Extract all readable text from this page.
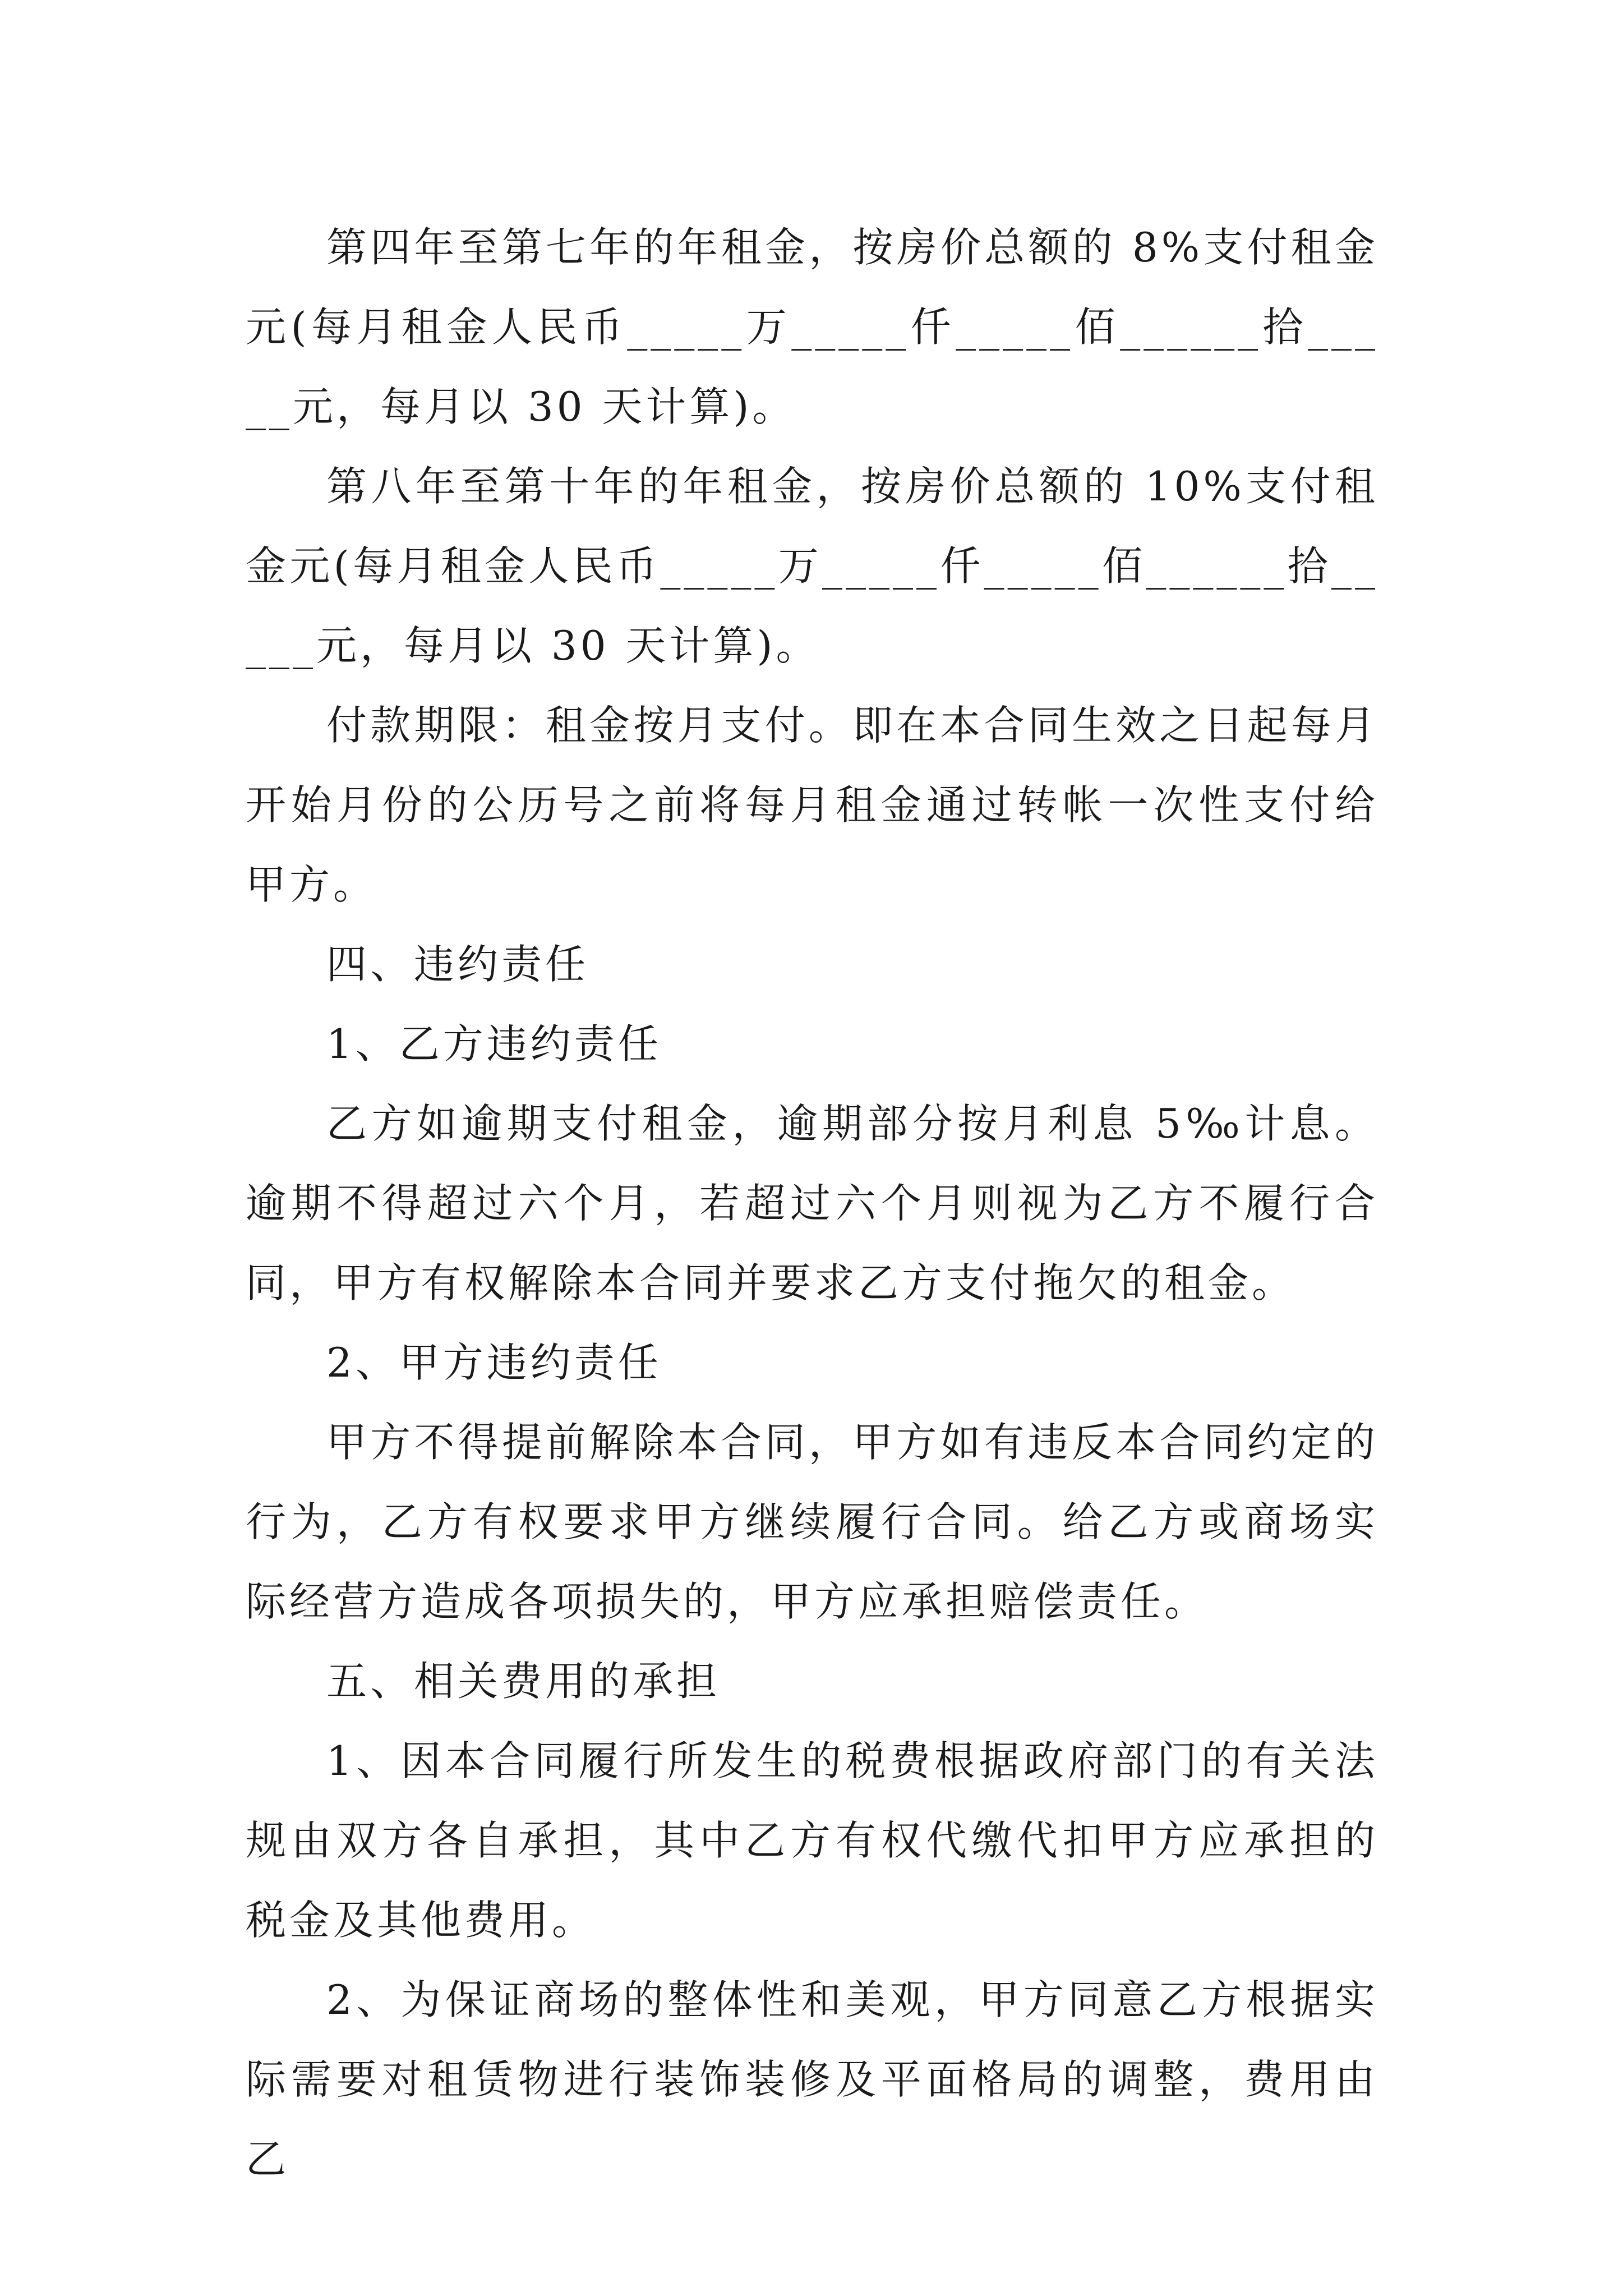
第四年至第七年的年租金，按房价总额的 8%支付租金元(每月租金人民币_____万_____仟_____佰______拾_____元，每月以 30 天计算)。

第八年至第十年的年租金，按房价总额的 10%支付租金元(每月租金人民币_____万_____仟_____佰______拾_____元，每月以 30 天计算)。

付款期限：租金按月支付。即在本合同生效之日起每月开始月份的公历号之前将每月租金通过转帐一次性支付给甲方。

四、违约责任

1、乙方违约责任

乙方如逾期支付租金，逾期部分按月利息 5‰计息。逾期不得超过六个月，若超过六个月则视为乙方不履行合同，甲方有权解除本合同并要求乙方支付拖欠的租金。

2、甲方违约责任

甲方不得提前解除本合同，甲方如有违反本合同约定的行为，乙方有权要求甲方继续履行合同。给乙方或商场实际经营方造成各项损失的，甲方应承担赔偿责任。

五、相关费用的承担

1、因本合同履行所发生的税费根据政府部门的有关法规由双方各自承担，其中乙方有权代缴代扣甲方应承担的税金及其他费用。

2、为保证商场的整体性和美观，甲方同意乙方根据实际需要对租赁物进行装饰装修及平面格局的调整，费用由乙
